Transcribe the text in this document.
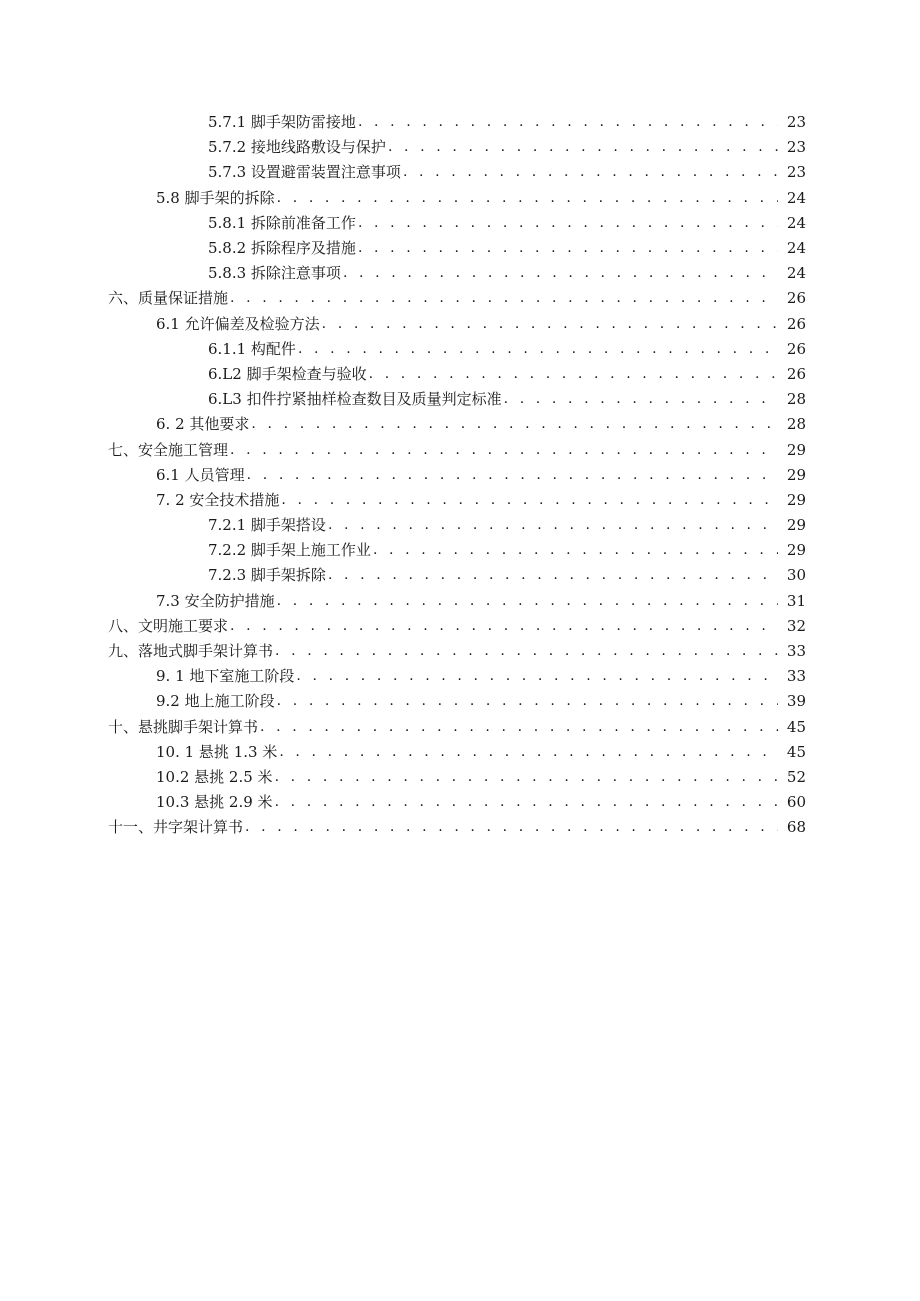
5.7.1 脚手架防雷接地 . . .	23
5.7.2 接地线路敷设与保护 . . .	23
5.7.3 设置避雷装置注意事项 . . .	23
5.8 脚手架的拆除 . . .	24
5.8.1 拆除前准备工作 . . .	24
5.8.2 拆除程序及措施 . . .	24
5.8.3 拆除注意事项 . . .	24
六、质量保证措施 . . .	26
6.1 允许偏差及检验方法 . . .	26
6.1.1 构配件 . . .	26
6.L2 脚手架检查与验收 . . .	26
6.L3 扣件拧紧抽样检查数目及质量判定标准 . . .	28
6. 2 其他要求 . . .	28
七、安全施工管理 . . .	29
6.1 人员管理 . . .	29
7. 2 安全技术措施 . . .	29
7.2.1 脚手架搭设 . . .	29
7.2.2 脚手架上施工作业 . . .	29
7.2.3 脚手架拆除 . . .	30
7.3 安全防护措施 . . .	31
八、文明施工要求 . . .	32
九、落地式脚手架计算书 . . .	33
9. 1 地下室施工阶段 . . .	33
9.2 地上施工阶段 . . .	39
十、悬挑脚手架计算书 . . .	45
10. 1 悬挑 1.3 米 . . .	45
10.2 悬挑 2.5 米 . . .	52
10.3 悬挑 2.9 米 . . .	60
十一、井字架计算书 . . .	68
